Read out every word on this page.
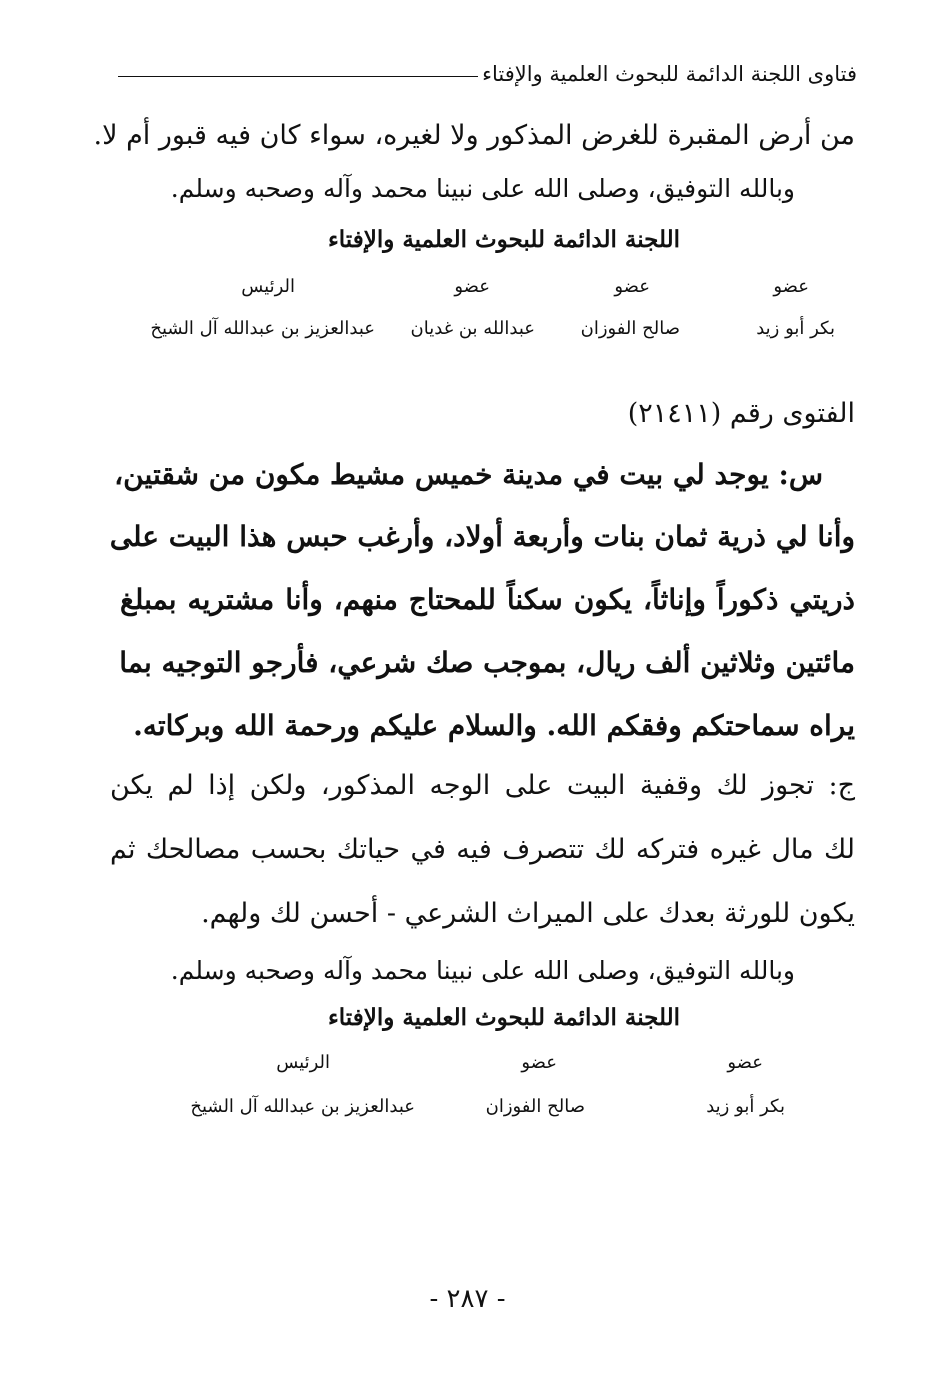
فتاوى اللجنة الدائمة للبحوث العلمية والإفتاء
من أرض المقبرة للغرض المذكور ولا لغيره، سواء كان فيه قبور أم لا.
وبالله التوفيق، وصلى الله على نبينا محمد وآله وصحبه وسلم.
اللجنة الدائمة للبحوث العلمية والإفتاء
عضو
عضو
عضو
الرئيس
بكر أبو زيد
صالح الفوزان
عبدالله بن غديان
عبدالعزيز بن عبدالله آل الشيخ
الفتوى رقم (٢١٤١١)
س: يوجد لي بيت في مدينة خميس مشيط مكون من شقتين،
وأنا لي ذرية ثمان بنات وأربعة أولاد، وأرغب حبس هذا البيت على
ذريتي ذكوراً وإناثاً، يكون سكناً للمحتاج منهم، وأنا مشتريه بمبلغ
مائتين وثلاثين ألف ريال، بموجب صك شرعي، فأرجو التوجيه بما
يراه سماحتكم وفقكم الله. والسلام عليكم ورحمة الله وبركاته.
ج: تجوز لك وقفية البيت على الوجه المذكور، ولكن إذا لم يكن
لك مال غيره فتركه لك تتصرف فيه في حياتك بحسب مصالحك ثم
يكون للورثة بعدك على الميراث الشرعي - أحسن لك ولهم.
وبالله التوفيق، وصلى الله على نبينا محمد وآله وصحبه وسلم.
اللجنة الدائمة للبحوث العلمية والإفتاء
عضو
عضو
الرئيس
بكر أبو زيد
صالح الفوزان
عبدالعزيز بن عبدالله آل الشيخ
- ٢٨٧ -
